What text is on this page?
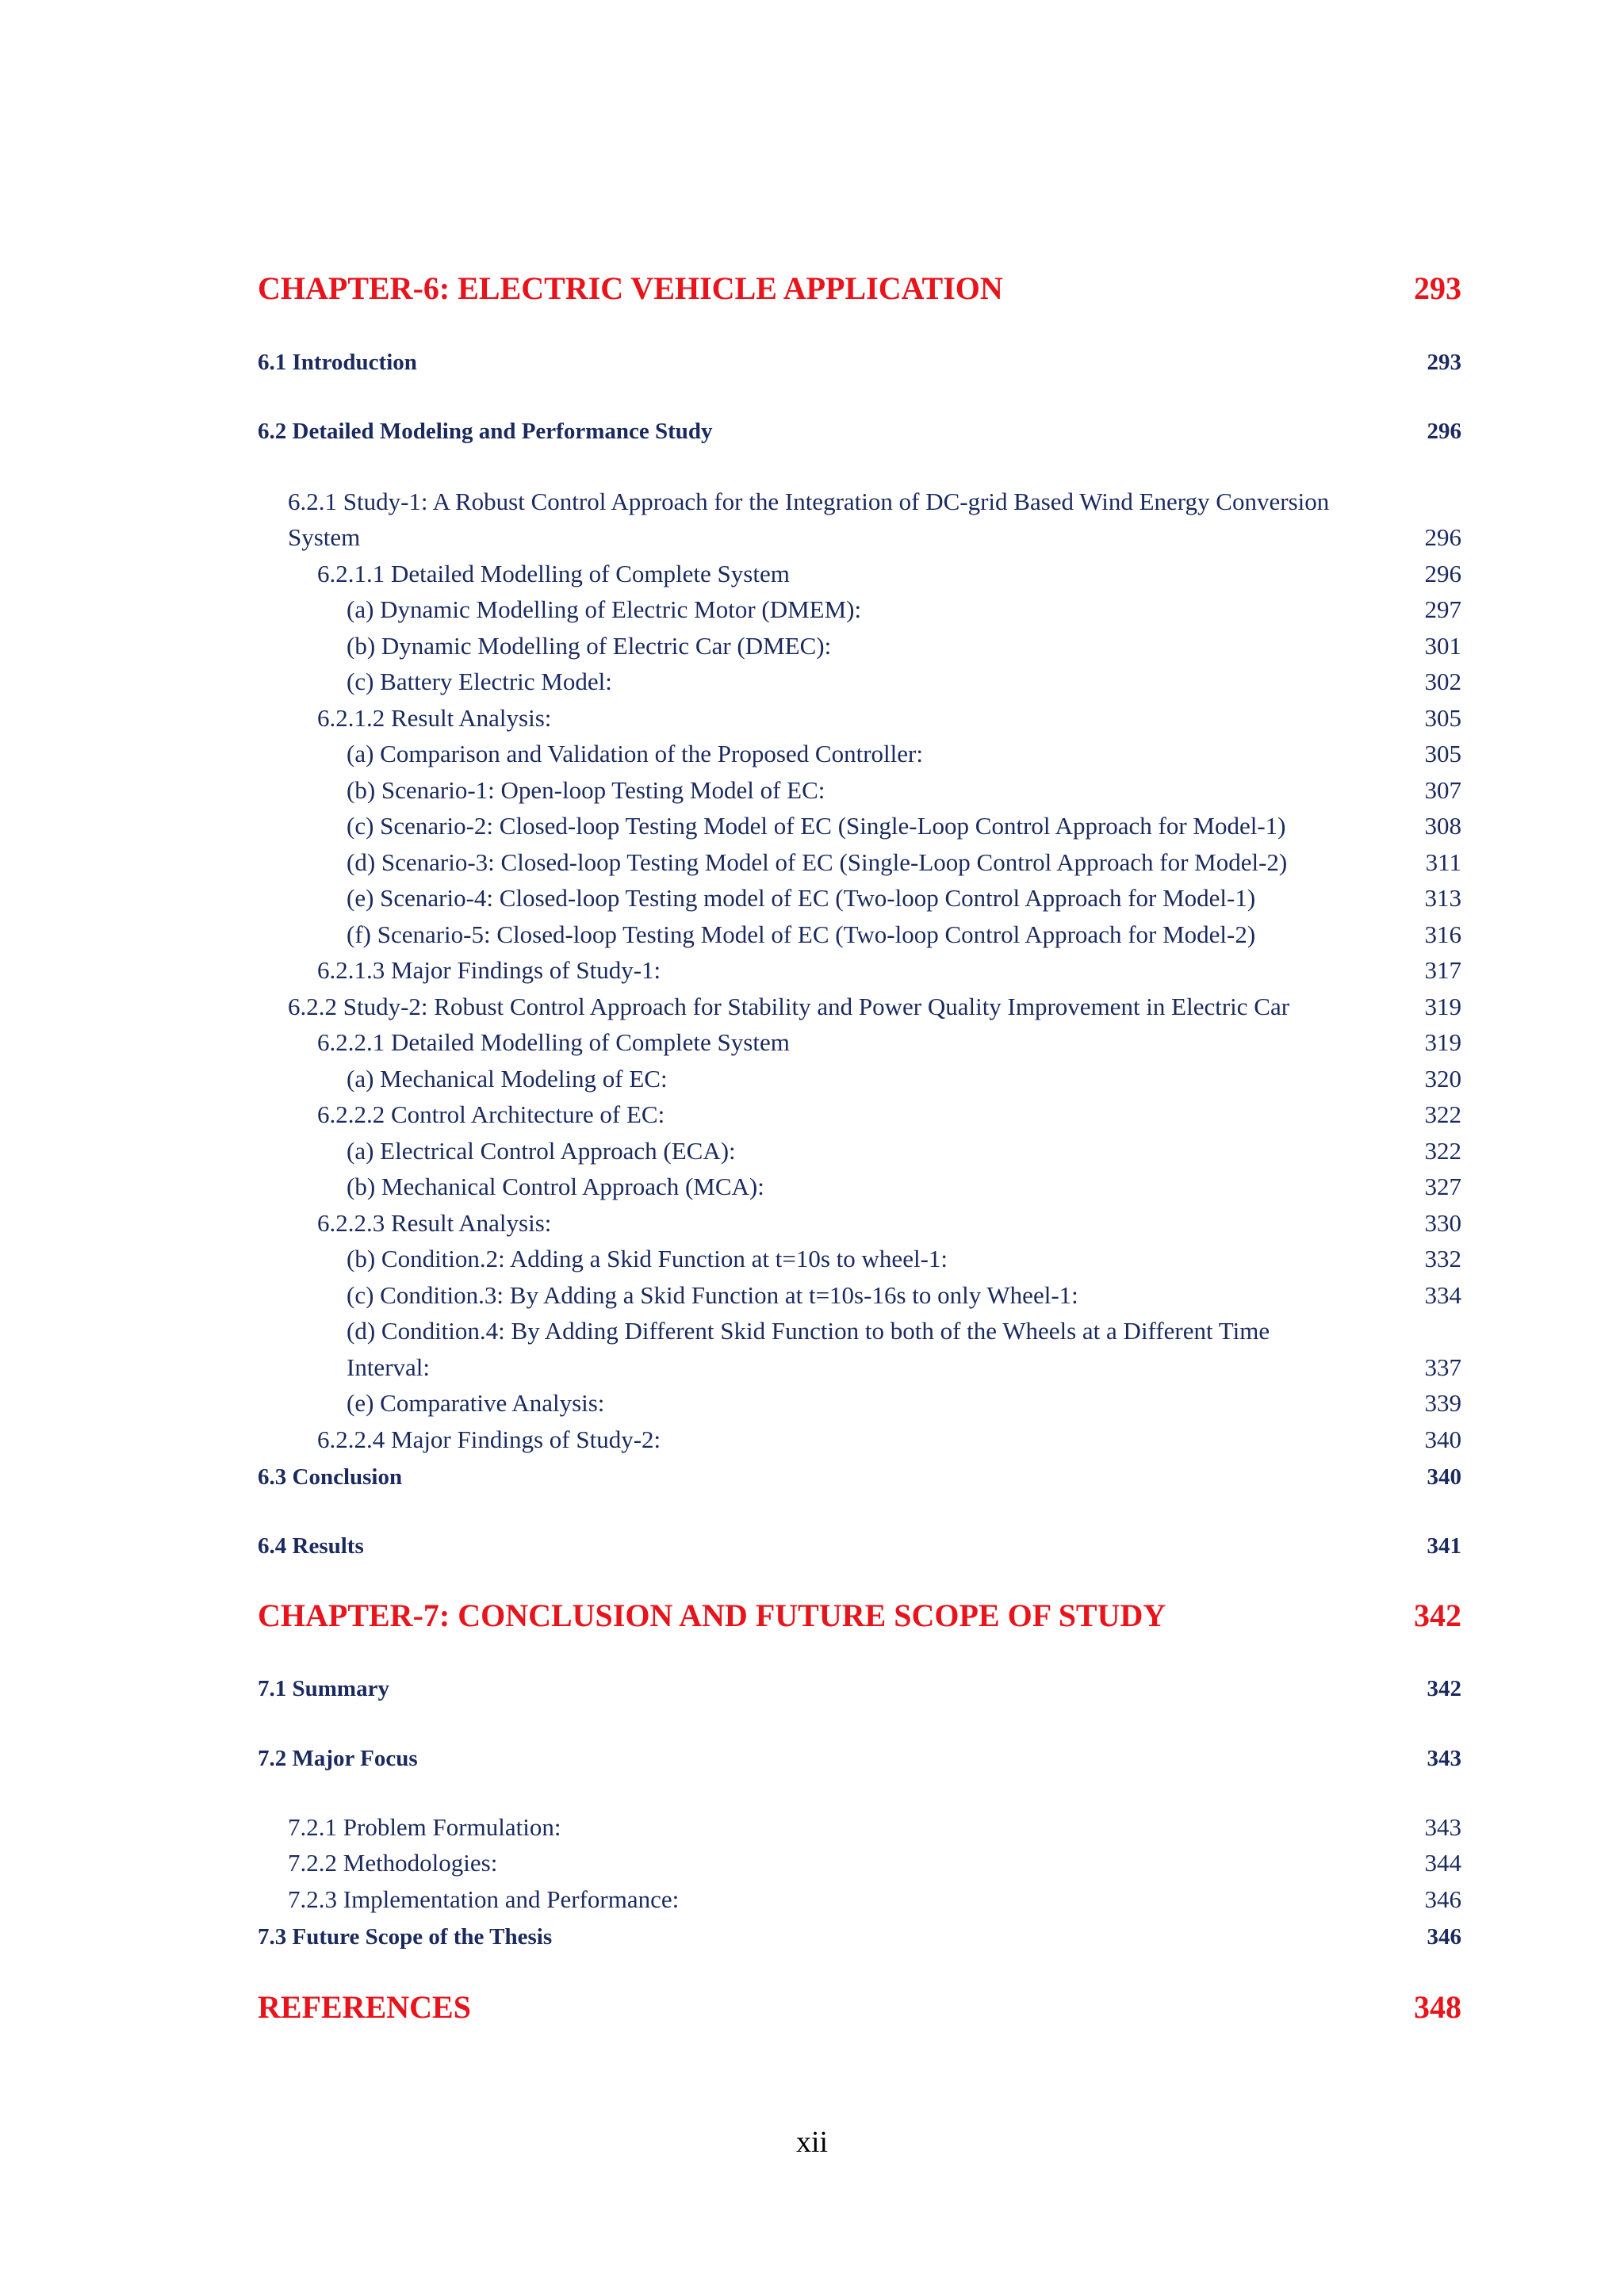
CHAPTER-6: ELECTRIC VEHICLE APPLICATION	293
6.1 Introduction	293
6.2 Detailed Modeling and Performance Study	296
6.2.1 Study-1: A Robust Control Approach for the Integration of DC-grid Based Wind Energy Conversion
System	296
6.2.1.1 Detailed Modelling of Complete System	296
(a) Dynamic Modelling of Electric Motor (DMEM):	297
(b) Dynamic Modelling of Electric Car (DMEC):	301
(c) Battery Electric Model:	302
6.2.1.2 Result Analysis:	305
(a) Comparison and Validation of the Proposed Controller:	305
(b) Scenario-1: Open-loop Testing Model of EC:	307
(c) Scenario-2: Closed-loop Testing Model of EC (Single-Loop Control Approach for Model-1)	308
(d) Scenario-3: Closed-loop Testing Model of EC (Single-Loop Control Approach for Model-2)	311
(e) Scenario-4: Closed-loop Testing model of EC (Two-loop Control Approach for Model-1)	313
(f) Scenario-5: Closed-loop Testing Model of EC (Two-loop Control Approach for Model-2)	316
6.2.1.3 Major Findings of Study-1:	317
6.2.2 Study-2: Robust Control Approach for Stability and Power Quality Improvement in Electric Car	319
6.2.2.1 Detailed Modelling of Complete System	319
(a) Mechanical Modeling of EC:	320
6.2.2.2 Control Architecture of EC:	322
(a) Electrical Control Approach (ECA):	322
(b) Mechanical Control Approach (MCA):	327
6.2.2.3 Result Analysis:	330
(b) Condition.2: Adding a Skid Function at t=10s to wheel-1:	332
(c) Condition.3: By Adding a Skid Function at t=10s-16s to only Wheel-1:	334
(d) Condition.4: By Adding Different Skid Function to both of the Wheels at a Different Time
Interval:	337
(e) Comparative Analysis:	339
6.2.2.4 Major Findings of Study-2:	340
6.3 Conclusion	340
6.4 Results	341
CHAPTER-7: CONCLUSION AND FUTURE SCOPE OF STUDY	342
7.1 Summary	342
7.2 Major Focus	343
7.2.1 Problem Formulation:	343
7.2.2 Methodologies:	344
7.2.3 Implementation and Performance:	346
7.3 Future Scope of the Thesis	346
REFERENCES	348
xii
